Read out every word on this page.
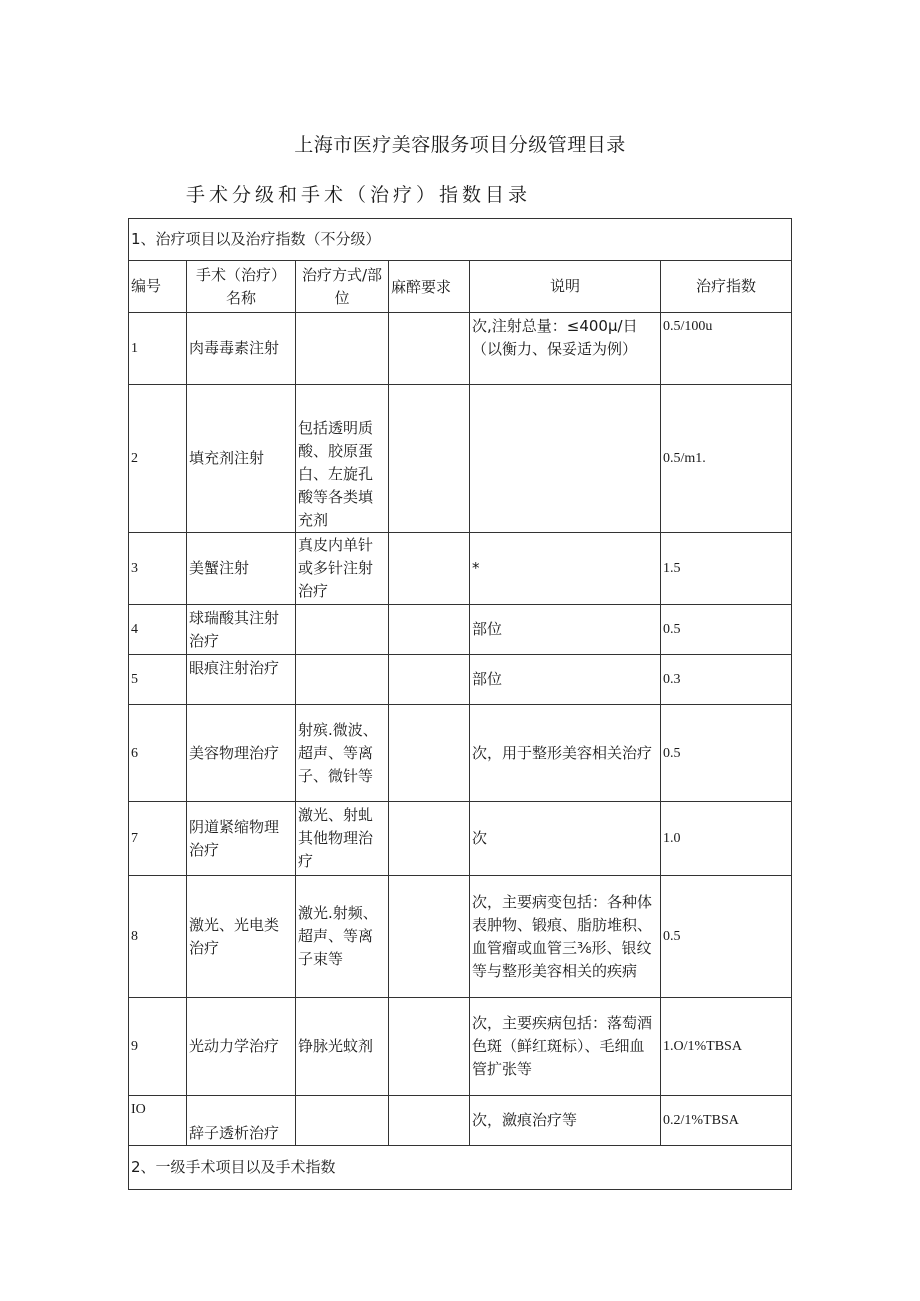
上海市医疗美容服务项目分级管理目录
手术分级和手术（治疗）指数目录
1、治疗项目以及治疗指数（不分级）					
编号	手术（治疗）名称	治疗方式/部位	麻醉要求	说明	治疗指数
1	肉毒毒素注射			次,注射总量：≤400μ/日（以衡力、保妥适为例）	0.5/100u
2	填充剂注射	包括透明质酸、胶原蛋白、左旋孔酸等各类填充剂			0.5/m1.
3	美蟹注射	真皮内单针或多针注射治疗		*	1.5
4	球瑞酸其注射治疗			部位	0.5
5	眼痕注射治疗			部位	0.3
6	美容物理治疗	射殡.微波、超声、等离子、微针等		次，用于整形美容相关治疗	0.5
7	阴道紧缩物理治疗	激光、射虬其他物理治疗		次	1.0
8	激光、光电类治疗	激光.射频、超声、等离子束等		次，主要病变包括：各种体表肿物、锻痕、脂肪堆积、血管瘤或血管三⅜形、银纹等与整形美容相关的疾病	0.5
9	光动力学治疗	铮脉光蚊剂		次，主要疾病包括：落萄酒色斑（鲜红斑标）、毛细血管扩张等	1.O/1%TBSA
IO	辞子透析治疗			次，瀲痕治疗等	0.2/1%TBSA
2、一级手术项目以及手术指数					
